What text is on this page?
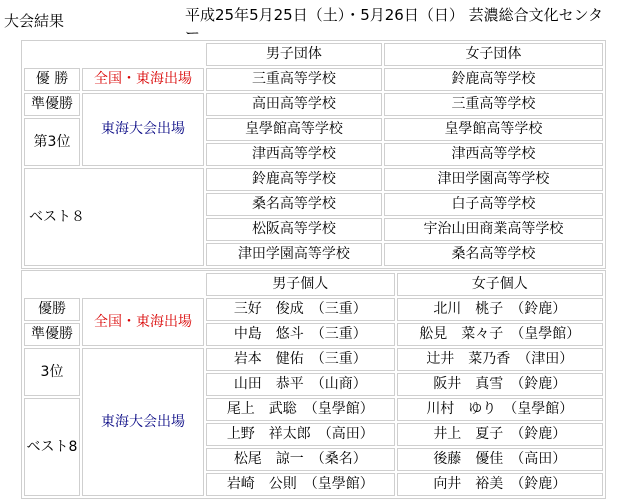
大会結果	平成25年5月25日（土）・5月26日（日） 芸濃総合文化センター
		男子団体	女子団体
優 勝	全国・東海出場	三重高等学校	鈴鹿高等学校
準優勝	東海大会出場	高田高等学校	三重高等学校
第3位		皇學館高等学校	皇學館高等学校
		津西高等学校	津西高等学校
ベスト８		鈴鹿高等学校	津田学園高等学校
		桑名高等学校	白子高等学校
		松阪高等学校	宇治山田商業高等学校
		津田学園高等学校	桑名高等学校
		男子個人	女子個人
優勝	全国・東海出場	三好　俊成　（三重）	北川　桃子　（鈴鹿）
準優勝		中島　悠斗　（三重）	舩見　菜々子　（皇學館）
3位	東海大会出場	岩本　健佑　（三重）	辻井　菜乃香　（津田）
		山田　恭平　（山商）	阪井　真雪　（鈴鹿）
ベスト8		尾上　武聡　（皇學館）	川村　ゆり　（皇學館）
		上野　祥太郎　（高田）	井上　夏子　（鈴鹿）
		松尾　諒一　（桑名）	後藤　優佳　（高田）
		岩崎　公則　（皇學館）	向井　裕美　（鈴鹿）
